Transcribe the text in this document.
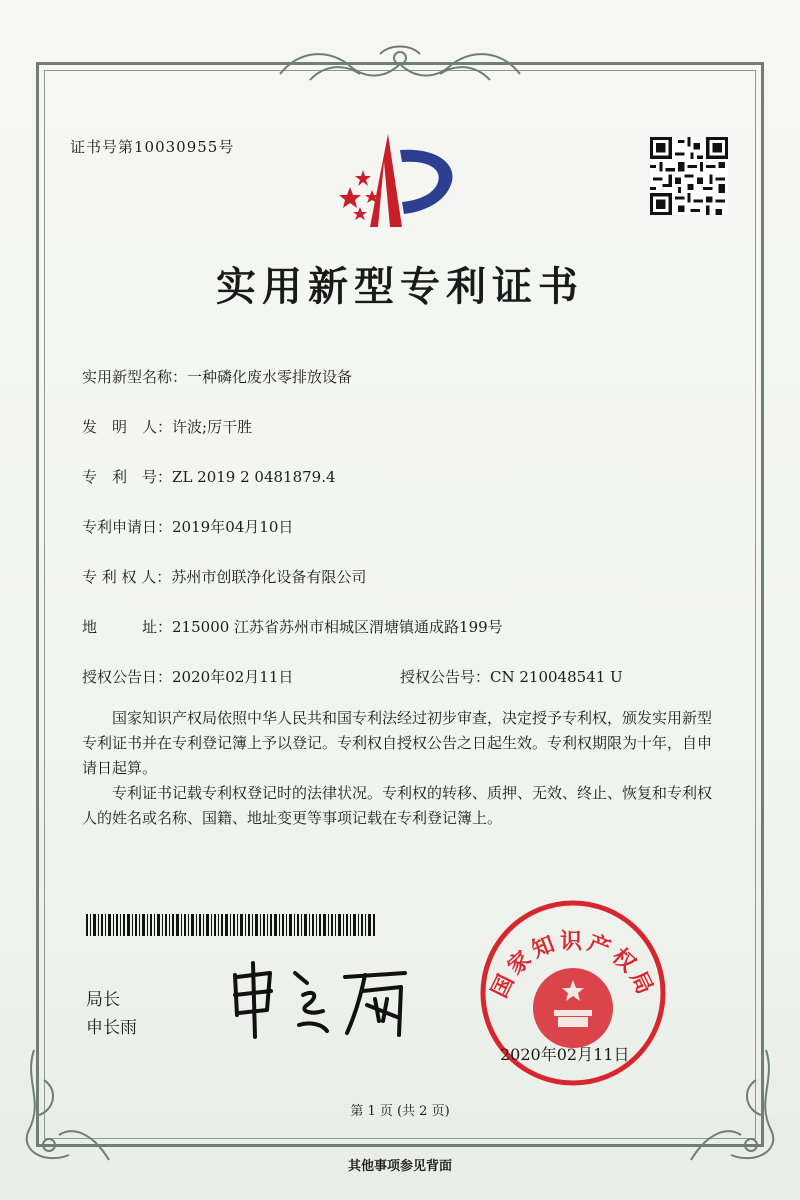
证书号第10030955号
实用新型专利证书
实用新型名称：一种磷化废水零排放设备
发　明　人：许波;厉干胜
专　利　号：ZL 2019 2 0481879.4
专利申请日：2019年04月10日
专 利 权 人：苏州市创联净化设备有限公司
地　　　址：215000 江苏省苏州市相城区渭塘镇通成路199号
授权公告日：2020年02月11日	授权公告号：CN 210048541 U
国家知识产权局依照中华人民共和国专利法经过初步审查，决定授予专利权，颁发实用新型专利证书并在专利登记簿上予以登记。专利权自授权公告之日起生效。专利权期限为十年，自申请日起算。
专利证书记载专利权登记时的法律状况。专利权的转移、质押、无效、终止、恢复和专利权人的姓名或名称、国籍、地址变更等事项记载在专利登记簿上。
局长
申长雨
国家知识产权局
2020年02月11日
第 1 页 (共 2 页)
其他事项参见背面
